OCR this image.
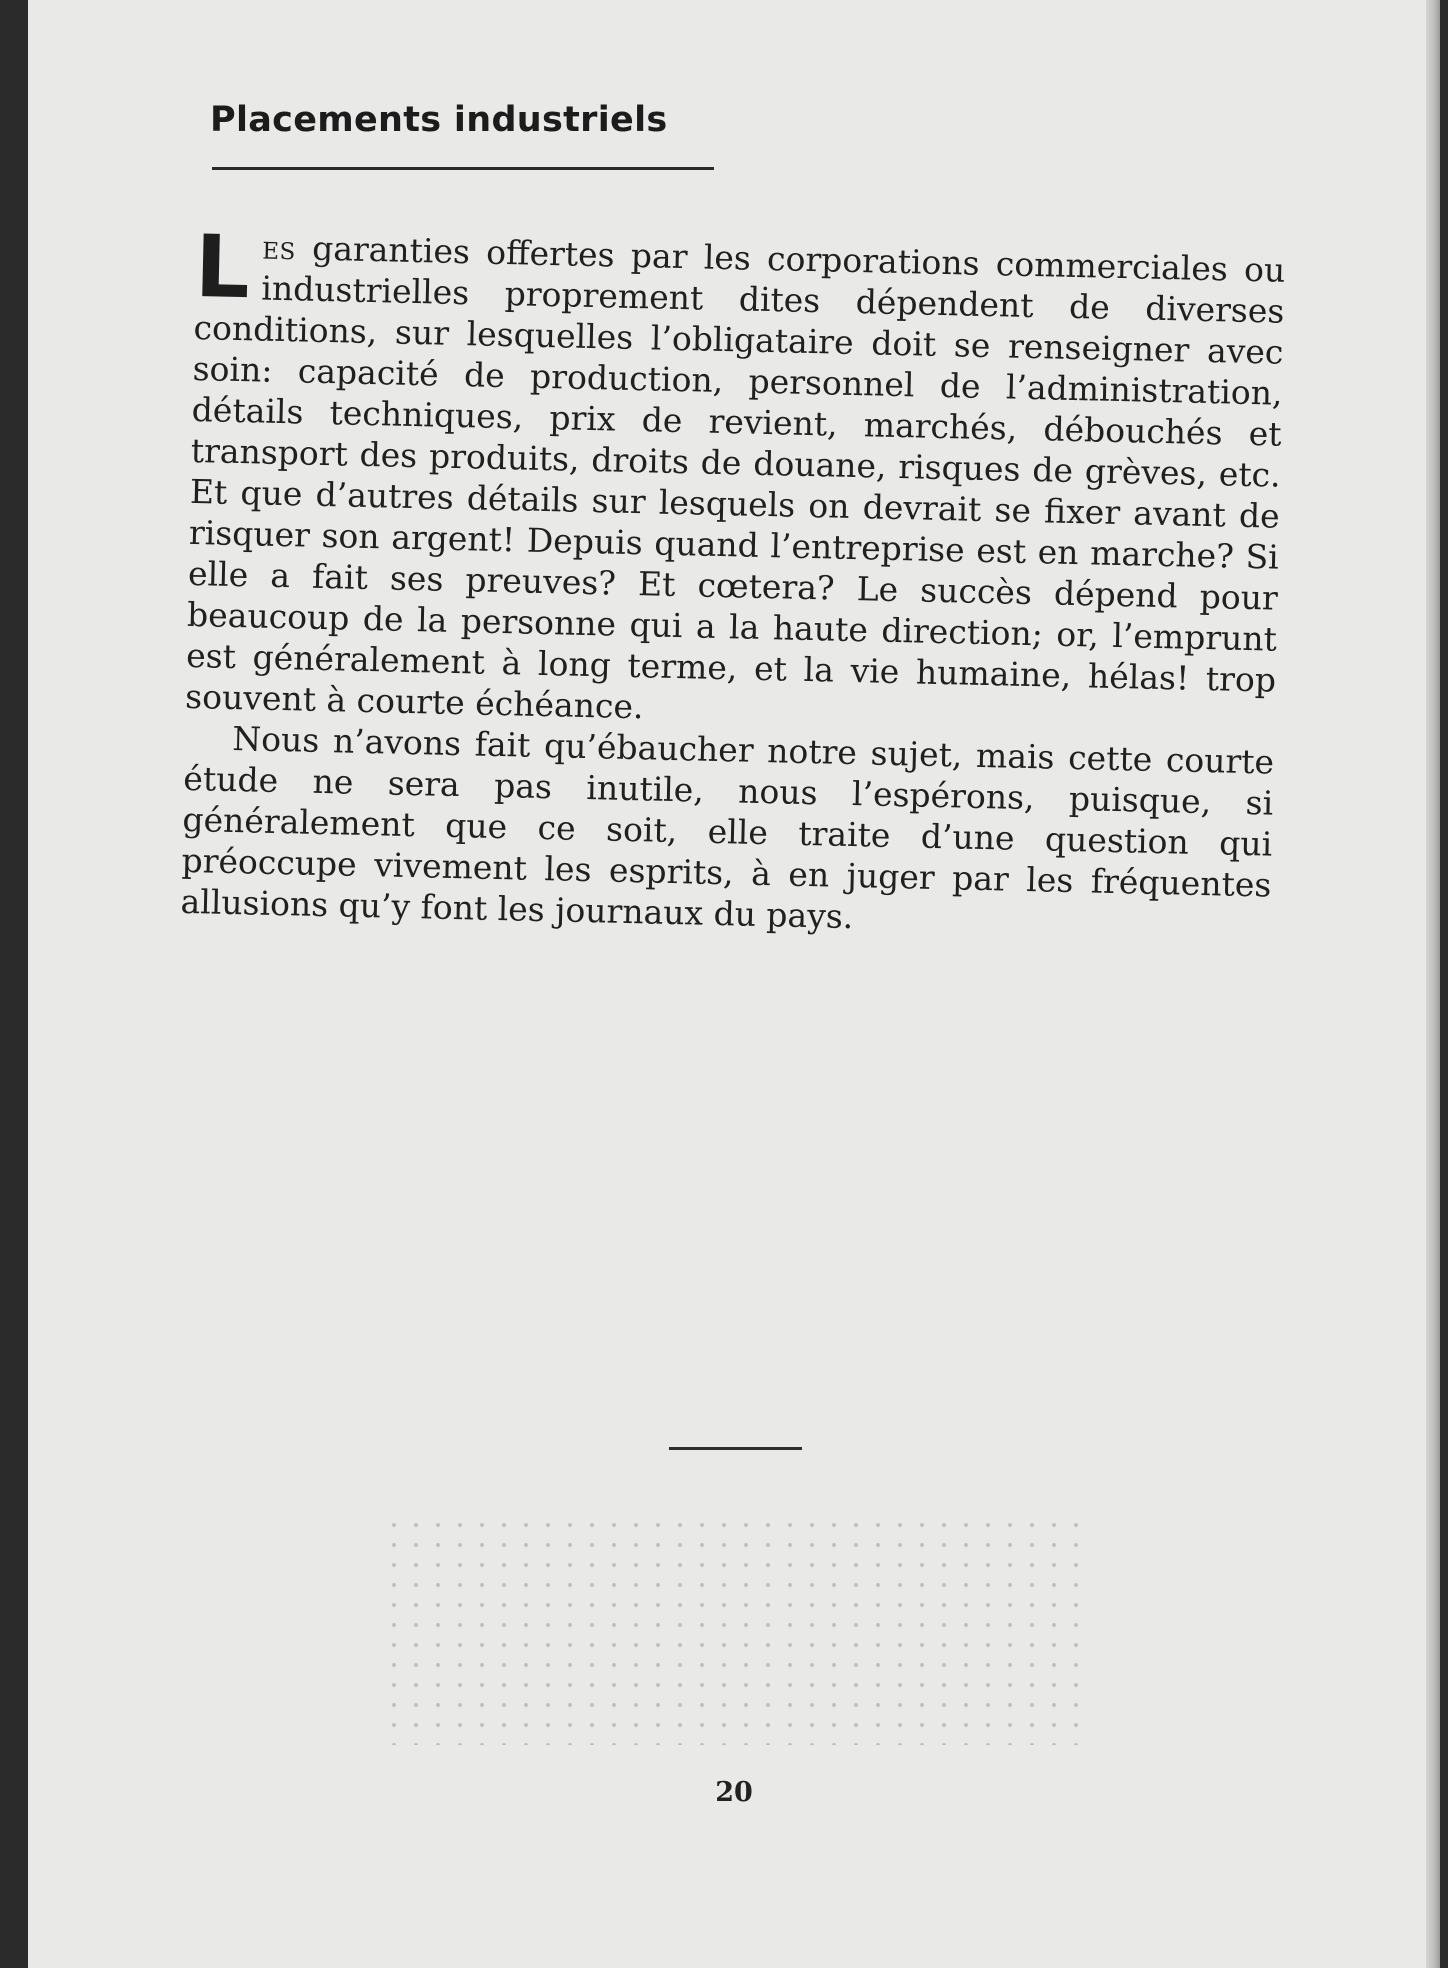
Placements industriels

Les garanties offertes par les corporations commerciales ou industrielles proprement dites dépendent de diverses conditions, sur lesquelles l’obligataire doit se renseigner avec soin: capacité de production, personnel de l’administration, détails techniques, prix de revient, marchés, débouchés et transport des produits, droits de douane, risques de grèves, etc. Et que d’autres détails sur lesquels on devrait se fixer avant de risquer son argent! Depuis quand l’entreprise est en marche? Si elle a fait ses preuves? Et cœtera? Le succès dépend pour beaucoup de la personne qui a la haute direction; or, l’emprunt est généralement à long terme, et la vie humaine, hélas! trop souvent à courte échéance.

Nous n’avons fait qu’ébaucher notre sujet, mais cette courte étude ne sera pas inutile, nous l’espérons, puisque, si généralement que ce soit, elle traite d’une question qui préoccupe vivement les esprits, à en juger par les fréquentes allusions qu’y font les journaux du pays.

20
